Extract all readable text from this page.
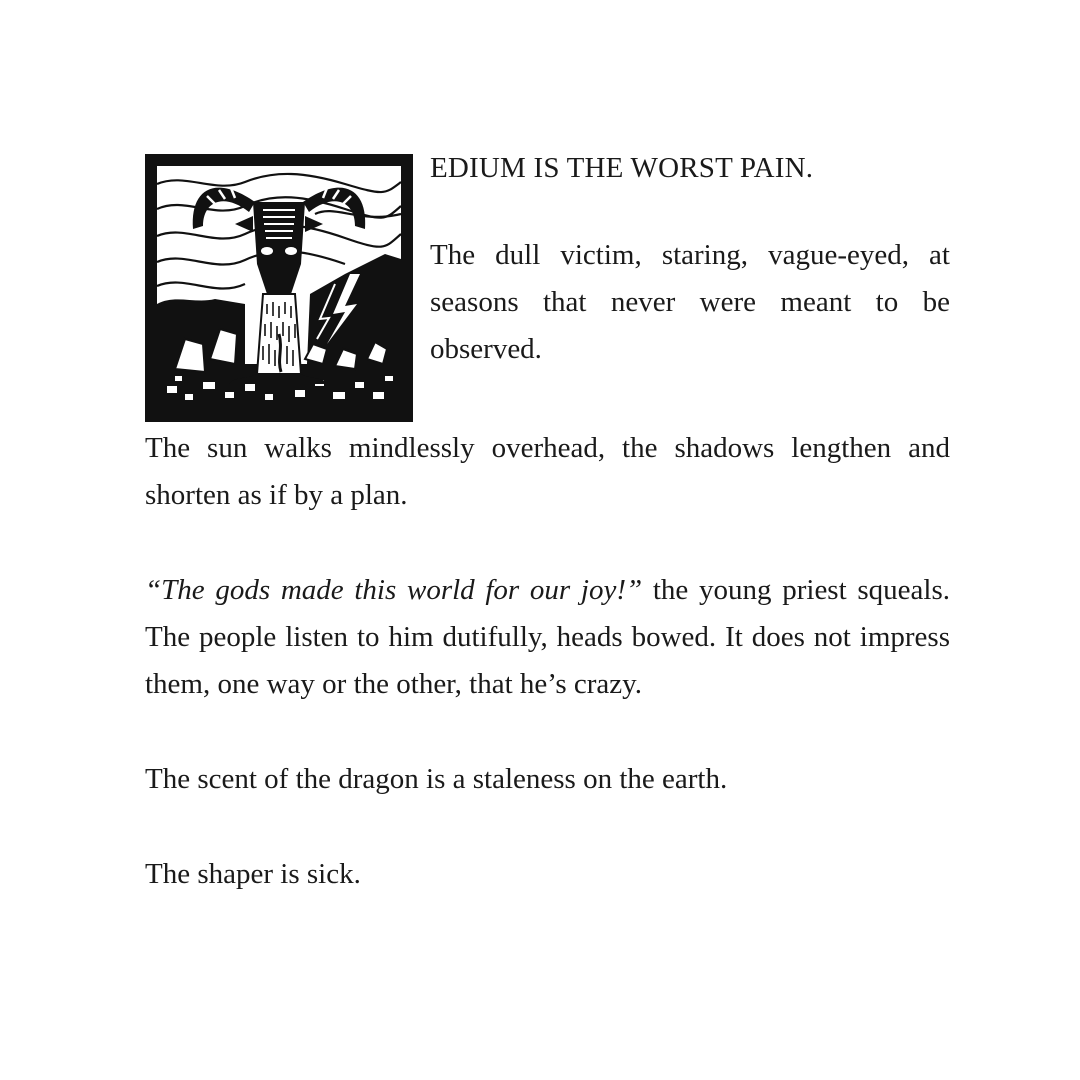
EDIUM IS THE WORST PAIN.

The dull victim, staring, vague-eyed, at seasons that never were meant to be observed.

The sun walks mindlessly overhead, the shadows lengthen and shorten as if by a plan.

“The gods made this world for our joy!” the young priest squeals. The people listen to him dutifully, heads bowed. It does not impress them, one way or the other, that he’s crazy.

The scent of the dragon is a staleness on the earth.

The shaper is sick.
